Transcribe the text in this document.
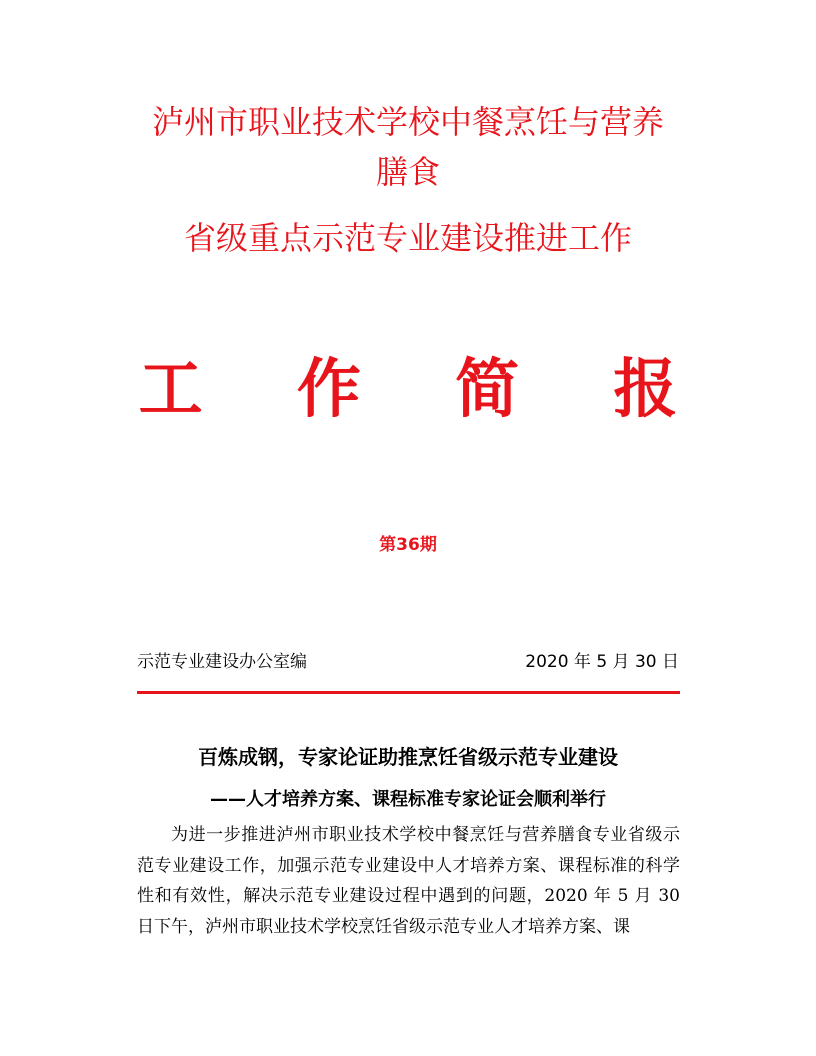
泸州市职业技术学校中餐烹饪与营养
膳食
省级重点示范专业建设推进工作
工 作 简 报
第36期
示范专业建设办公室编	2020 年 5 月 30 日
百炼成钢，专家论证助推烹饪省级示范专业建设
——人才培养方案、课程标准专家论证会顺利举行

为进一步推进泸州市职业技术学校中餐烹饪与营养膳食专业省级示范专业建设工作，加强示范专业建设中人才培养方案、课程标准的科学性和有效性，解决示范专业建设过程中遇到的问题，2020 年 5 月 30 日下午，泸州市职业技术学校烹饪省级示范专业人才培养方案、课
